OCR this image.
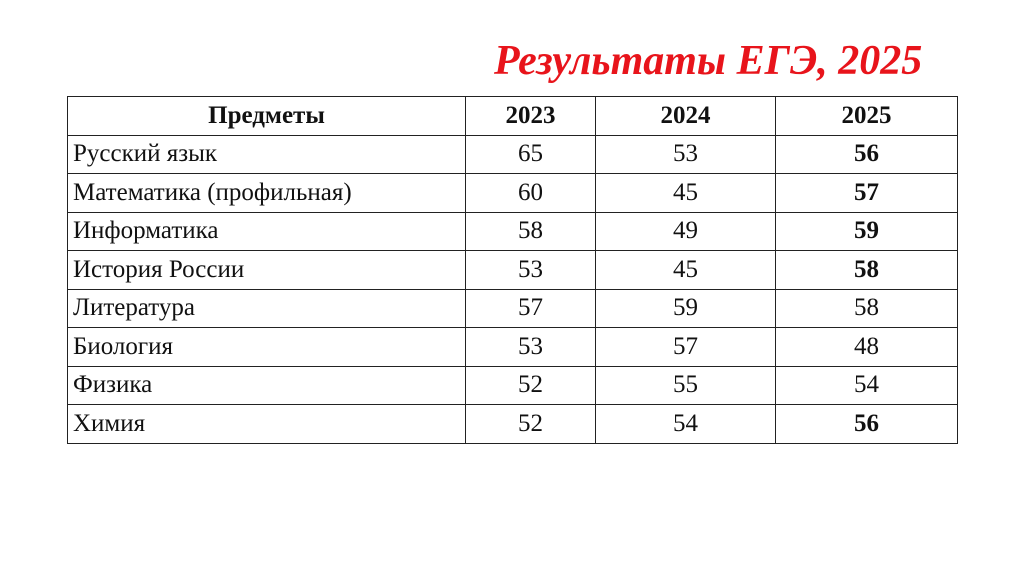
Результаты ЕГЭ, 2025
Предметы	2023	2024	2025
Русский язык	65	53	56
Математика (профильная)	60	45	57
Информатика	58	49	59
История России	53	45	58
Литература	57	59	58
Биология	53	57	48
Физика	52	55	54
Химия	52	54	56
